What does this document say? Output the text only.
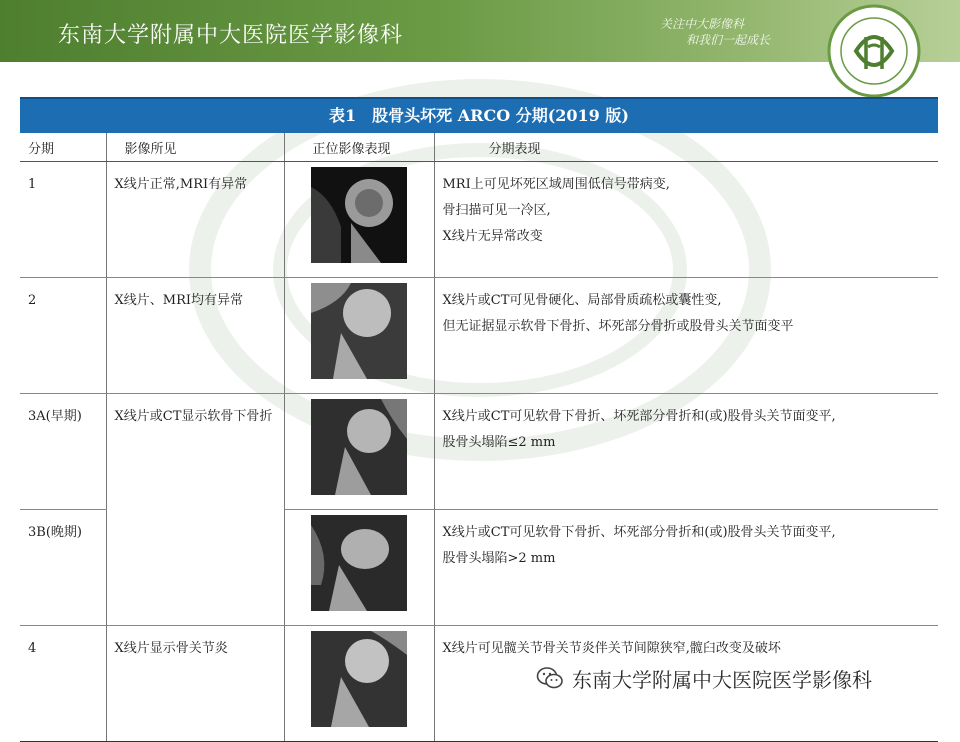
东南大学附属中大医院医学影像科	关注中大影像科
和我们一起成长
表1 股骨头坏死 ARCO 分期(2019 版)
分期	影像所见	正位影像表现	分期表现
1	X线片正常,MRI有异常		MRI上可见坏死区域周围低信号带病变,
骨扫描可见一冷区,
X线片无异常改变

2	X线片、MRI均有异常		X线片或CT可见骨硬化、局部骨质疏松或囊性变,
但无证据显示软骨下骨折、坏死部分骨折或股骨头关节面变平

3A(早期)	X线片或CT显示软骨下骨折		X线片或CT可见软骨下骨折、坏死部分骨折和(或)股骨头关节面变平,
股骨头塌陷≤2 mm

3B(晚期)			X线片或CT可见软骨下骨折、坏死部分骨折和(或)股骨头关节面变平,
股骨头塌陷>2 mm

4	X线片显示骨关节炎		X线片可见髋关节骨关节炎伴关节间隙狭窄,髋臼改变及破坏
东南大学附属中大医院医学影像科
